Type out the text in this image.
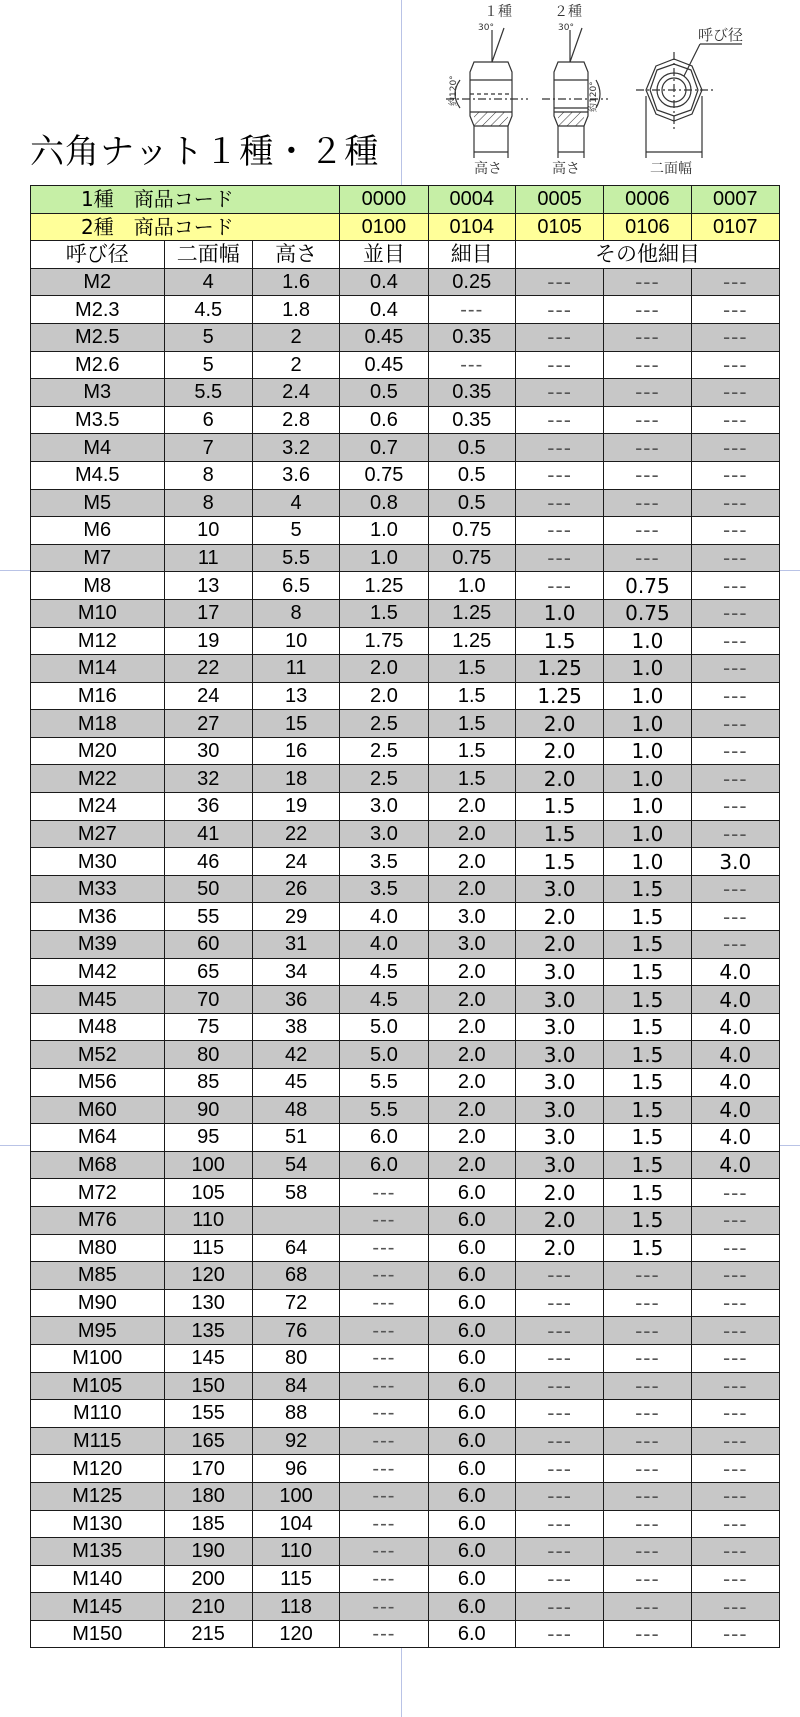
六角ナット１種・２種
１種	２種
30°	30°
約120°	約120°
呼び径
高さ	高さ	二面幅
1種　商品コード			0000	0004	0005	0006	0007
2種　商品コード			0100	0104	0105	0106	0107
呼び径	二面幅	高さ	並目	細目	その他細目		
M2	4	1.6	0.4	0.25	---	---	---
M2.3	4.5	1.8	0.4	---	---	---	---
M2.5	5	2	0.45	0.35	---	---	---
M2.6	5	2	0.45	---	---	---	---
M3	5.5	2.4	0.5	0.35	---	---	---
M3.5	6	2.8	0.6	0.35	---	---	---
M4	7	3.2	0.7	0.5	---	---	---
M4.5	8	3.6	0.75	0.5	---	---	---
M5	8	4	0.8	0.5	---	---	---
M6	10	5	1.0	0.75	---	---	---
M7	11	5.5	1.0	0.75	---	---	---
M8	13	6.5	1.25	1.0	---	0.75	---
M10	17	8	1.5	1.25	1.0	0.75	---
M12	19	10	1.75	1.25	1.5	1.0	---
M14	22	11	2.0	1.5	1.25	1.0	---
M16	24	13	2.0	1.5	1.25	1.0	---
M18	27	15	2.5	1.5	2.0	1.0	---
M20	30	16	2.5	1.5	2.0	1.0	---
M22	32	18	2.5	1.5	2.0	1.0	---
M24	36	19	3.0	2.0	1.5	1.0	---
M27	41	22	3.0	2.0	1.5	1.0	---
M30	46	24	3.5	2.0	1.5	1.0	3.0
M33	50	26	3.5	2.0	3.0	1.5	---
M36	55	29	4.0	3.0	2.0	1.5	---
M39	60	31	4.0	3.0	2.0	1.5	---
M42	65	34	4.5	2.0	3.0	1.5	4.0
M45	70	36	4.5	2.0	3.0	1.5	4.0
M48	75	38	5.0	2.0	3.0	1.5	4.0
M52	80	42	5.0	2.0	3.0	1.5	4.0
M56	85	45	5.5	2.0	3.0	1.5	4.0
M60	90	48	5.5	2.0	3.0	1.5	4.0
M64	95	51	6.0	2.0	3.0	1.5	4.0
M68	100	54	6.0	2.0	3.0	1.5	4.0
M72	105	58	---	6.0	2.0	1.5	---
M76	110		---	6.0	2.0	1.5	---
M80	115	64	---	6.0	2.0	1.5	---
M85	120	68	---	6.0	---	---	---
M90	130	72	---	6.0	---	---	---
M95	135	76	---	6.0	---	---	---
M100	145	80	---	6.0	---	---	---
M105	150	84	---	6.0	---	---	---
M110	155	88	---	6.0	---	---	---
M115	165	92	---	6.0	---	---	---
M120	170	96	---	6.0	---	---	---
M125	180	100	---	6.0	---	---	---
M130	185	104	---	6.0	---	---	---
M135	190	110	---	6.0	---	---	---
M140	200	115	---	6.0	---	---	---
M145	210	118	---	6.0	---	---	---
M150	215	120	---	6.0	---	---	---
